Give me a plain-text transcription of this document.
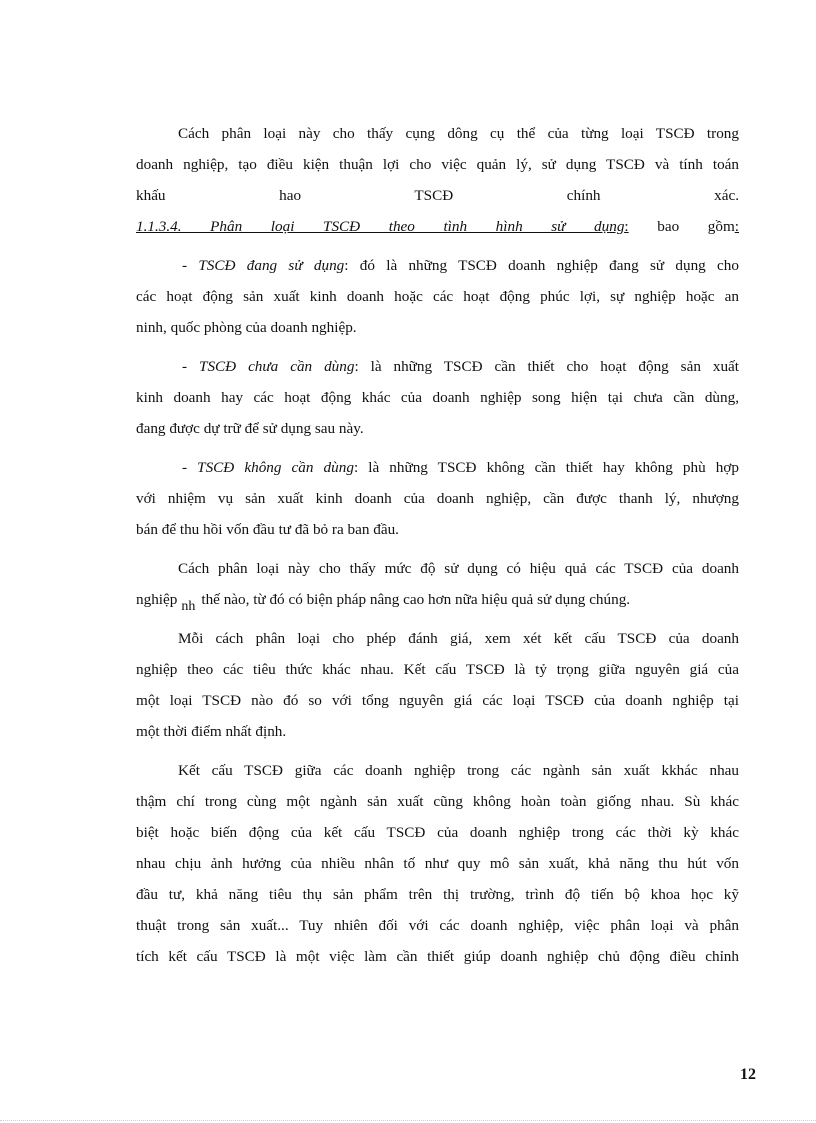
Cách phân loại này cho thấy cụng dông cụ thể của từng loại TSCĐ trong
doanh nghiệp, tạo điều kiện thuận lợi cho việc quản lý, sử dụng TSCĐ và tính toán
khấu hao TSCĐ chính xác.
1.1.3.4. Phân loại TSCĐ theo tình hình sử dụng: bao gồm:
- TSCĐ đang sử dụng: đó là những TSCĐ doanh nghiệp đang sử dụng cho
các hoạt động sản xuất kinh doanh hoặc các hoạt động phúc lợi, sự nghiệp hoặc an
ninh, quốc phòng của doanh nghiệp.
- TSCĐ chưa cần dùng: là những TSCĐ cần thiết cho hoạt động sản xuất
kinh doanh hay các hoạt động khác của doanh nghiệp song hiện tại chưa cần dùng,
đang được dự trữ để sử dụng sau này.
- TSCĐ không cần dùng: là những TSCĐ không cần thiết hay không phù hợp
với nhiệm vụ sản xuất kinh doanh của doanh nghiệp, cần được thanh lý, nhượng
bán để thu hồi vốn đầu tư đã bỏ ra ban đầu.
Cách phân loại này cho thấy mức độ sử dụng có hiệu quả các TSCĐ của doanh
nghiệp nh thế nào, từ đó có biện pháp nâng cao hơn nữa hiệu quả sử dụng chúng.
Mỗi cách phân loại cho phép đánh giá, xem xét kết cấu TSCĐ của doanh
nghiệp theo các tiêu thức khác nhau. Kết cấu TSCĐ là tỷ trọng giữa nguyên giá của
một loại TSCĐ nào đó so với tổng nguyên giá các loại TSCĐ của doanh nghiệp tại
một thời điểm nhất định.
Kết cấu TSCĐ giữa các doanh nghiệp trong các ngành sản xuất kkhác nhau
thậm chí trong cùng một ngành sản xuất cũng không hoàn toàn giống nhau. Sù khác
biệt hoặc biến động của kết cấu TSCĐ của doanh nghiệp trong các thời kỳ khác
nhau chịu ảnh hưởng của nhiều nhân tố như quy mô sản xuất, khả năng thu hút vốn
đầu tư, khả năng tiêu thụ sản phẩm trên thị trường, trình độ tiến bộ khoa học kỹ
thuật trong sản xuất... Tuy nhiên đối với các doanh nghiệp, việc phân loại và phân
tích kết cấu TSCĐ là một việc làm cần thiết giúp doanh nghiệp chủ động điều chỉnh
12
